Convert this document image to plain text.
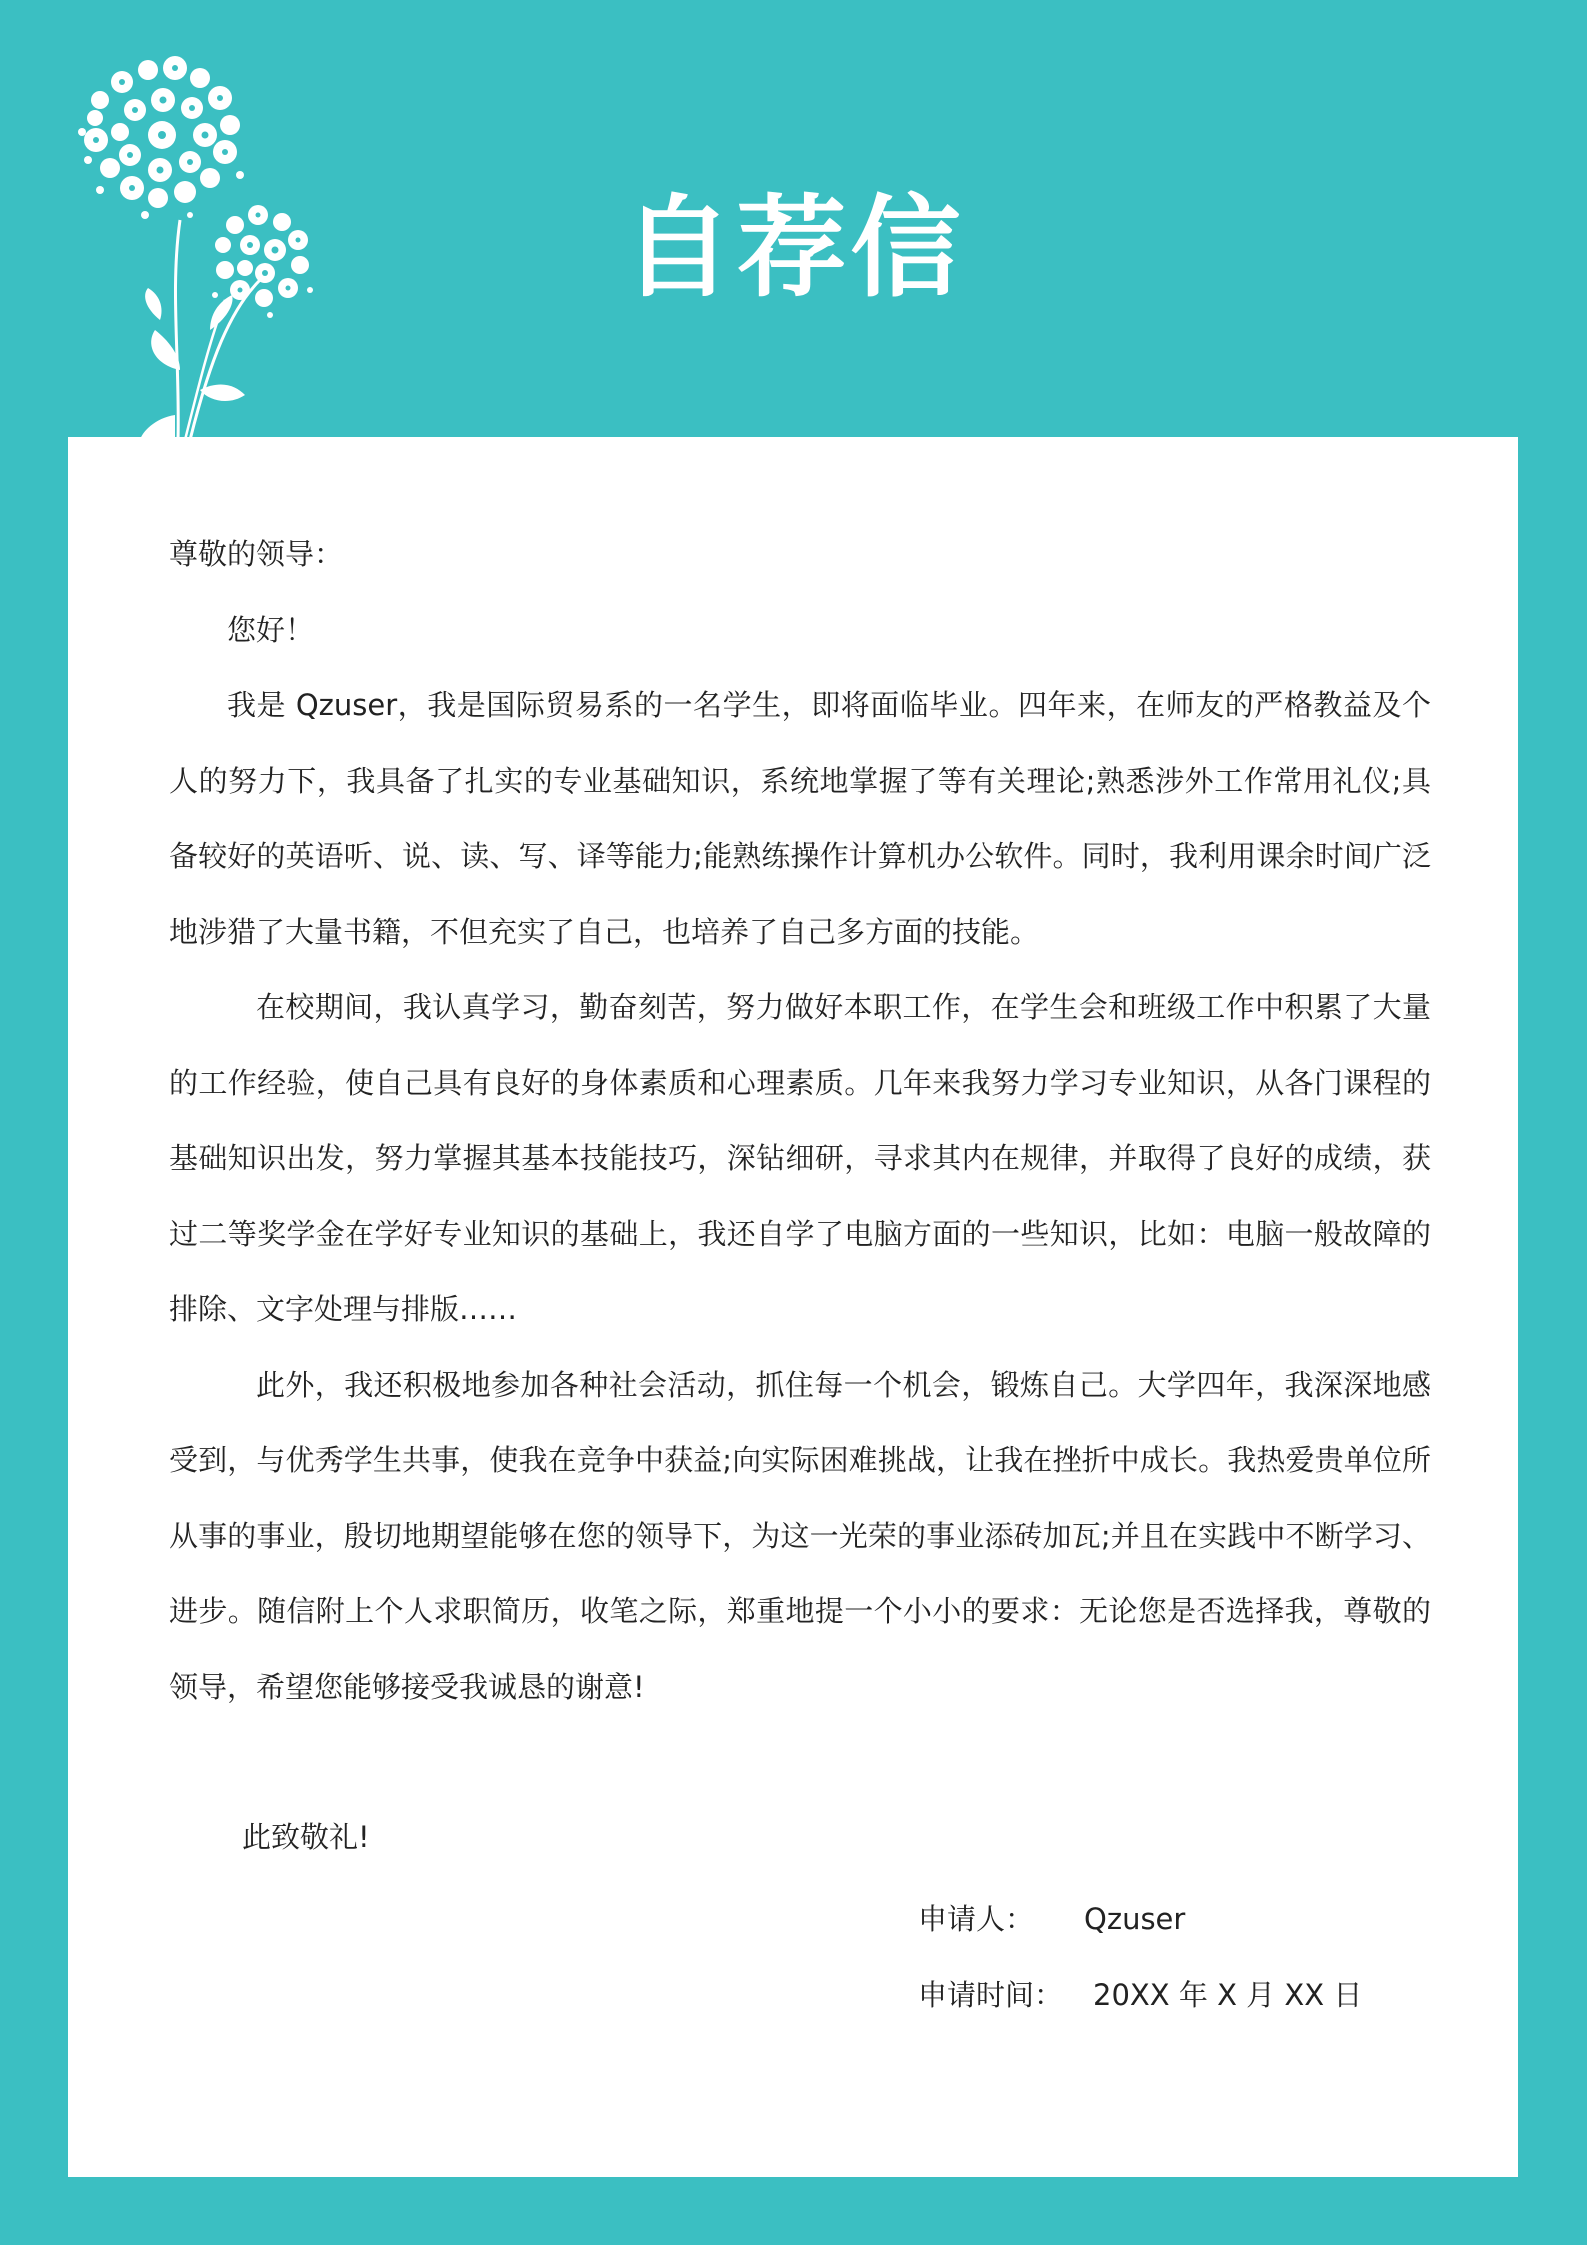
自荐信

尊敬的领导：

您好！

我是 Qzuser，我是国际贸易系的一名学生，即将面临毕业。四年来，在师友的严格教益及个人的努力下，我具备了扎实的专业基础知识，系统地掌握了等有关理论;熟悉涉外工作常用礼仪;具备较好的英语听、说、读、写、译等能力;能熟练操作计算机办公软件。同时，我利用课余时间广泛地涉猎了大量书籍，不但充实了自己，也培养了自己多方面的技能。

在校期间，我认真学习，勤奋刻苦，努力做好本职工作，在学生会和班级工作中积累了大量的工作经验，使自己具有良好的身体素质和心理素质。几年来我努力学习专业知识，从各门课程的基础知识出发，努力掌握其基本技能技巧，深钻细研，寻求其内在规律，并取得了良好的成绩，获过二等奖学金在学好专业知识的基础上，我还自学了电脑方面的一些知识，比如：电脑一般故障的排除、文字处理与排版……

此外，我还积极地参加各种社会活动，抓住每一个机会，锻炼自己。大学四年，我深深地感受到，与优秀学生共事，使我在竞争中获益;向实际困难挑战，让我在挫折中成长。我热爱贵单位所从事的事业，殷切地期望能够在您的领导下，为这一光荣的事业添砖加瓦;并且在实践中不断学习、进步。随信附上个人求职简历，收笔之际，郑重地提一个小小的要求：无论您是否选择我，尊敬的领导，希望您能够接受我诚恳的谢意!

此致敬礼!

申请人： Qzuser
申请时间： 20XX 年 X 月 XX 日
